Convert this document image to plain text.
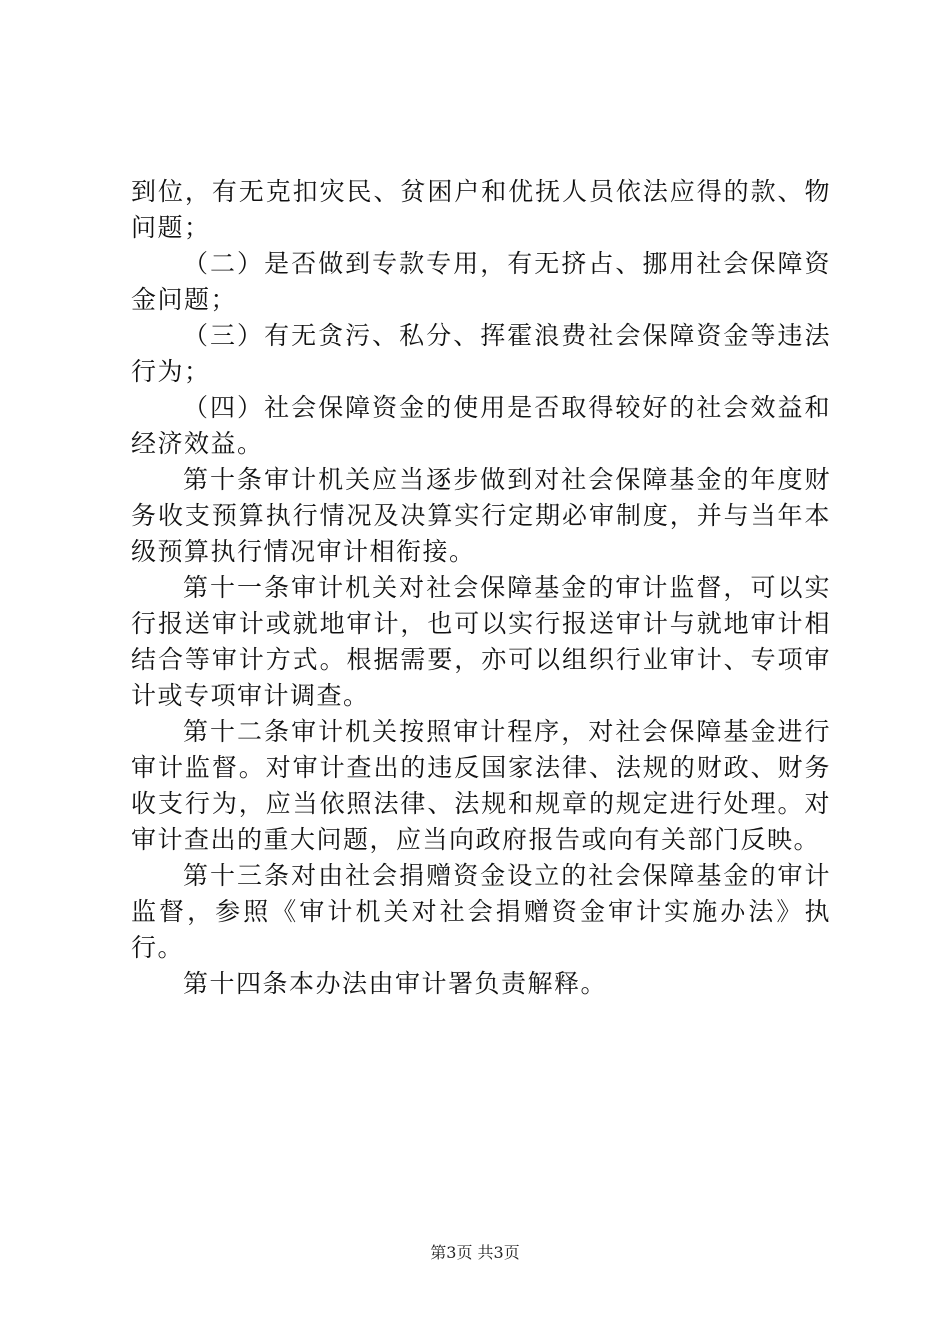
到位，有无克扣灾民、贫困户和优抚人员依法应得的款、物问题；

（二）是否做到专款专用，有无挤占、挪用社会保障资金问题；

（三）有无贪污、私分、挥霍浪费社会保障资金等违法行为；

（四）社会保障资金的使用是否取得较好的社会效益和经济效益。

第十条审计机关应当逐步做到对社会保障基金的年度财务收支预算执行情况及决算实行定期必审制度，并与当年本级预算执行情况审计相衔接。

第十一条审计机关对社会保障基金的审计监督，可以实行报送审计或就地审计，也可以实行报送审计与就地审计相结合等审计方式。根据需要，亦可以组织行业审计、专项审计或专项审计调查。

第十二条审计机关按照审计程序，对社会保障基金进行审计监督。对审计查出的违反国家法律、法规的财政、财务收支行为，应当依照法律、法规和规章的规定进行处理。对审计查出的重大问题，应当向政府报告或向有关部门反映。

第十三条对由社会捐赠资金设立的社会保障基金的审计监督，参照《审计机关对社会捐赠资金审计实施办法》执行。

第十四条本办法由审计署负责解释。

第3页 共3页
